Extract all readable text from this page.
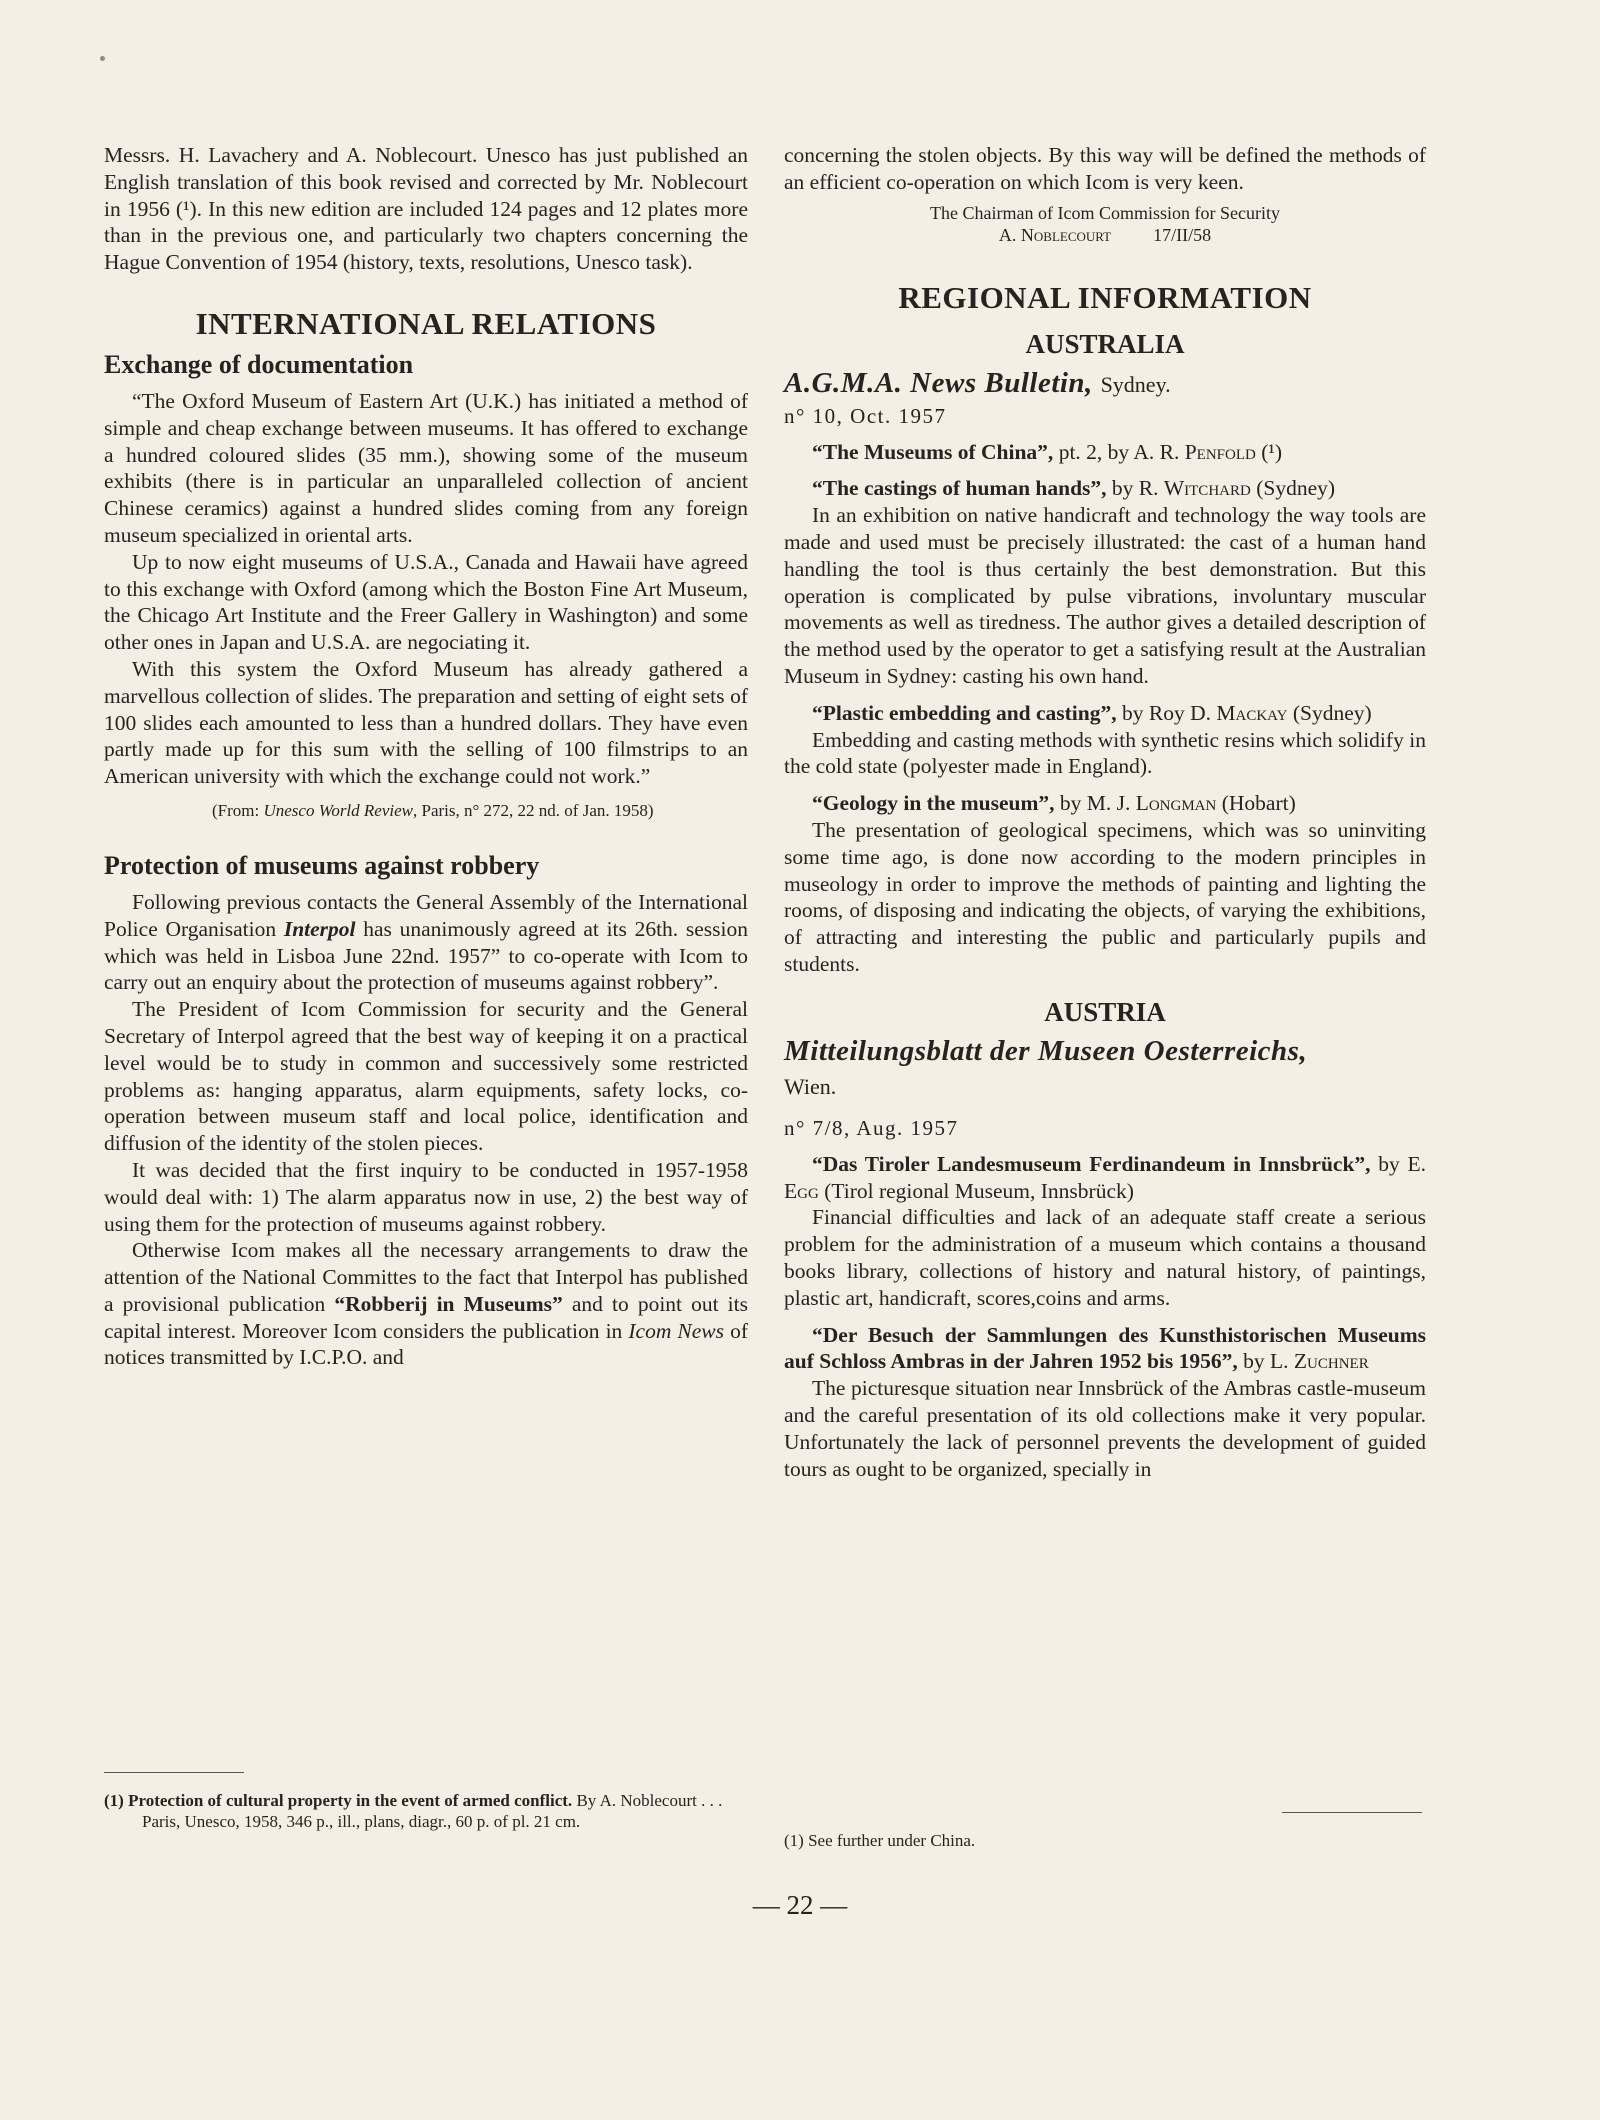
Messrs. H. Lavachery and A. Noblecourt. Unesco has just published an English translation of this book revised and corrected by Mr. Noblecourt in 1956 (¹). In this new edition are included 124 pages and 12 plates more than in the previous one, and particularly two chapters concerning the Hague Convention of 1954 (history, texts, resolutions, Unesco task).

INTERNATIONAL RELATIONS
Exchange of documentation

“The Oxford Museum of Eastern Art (U.K.) has initiated a method of simple and cheap exchange between museums. It has offered to exchange a hundred coloured slides (35 mm.), showing some of the museum exhibits (there is in particular an unparalleled collection of ancient Chinese ceramics) against a hundred slides coming from any foreign museum specialized in oriental arts.

Up to now eight museums of U.S.A., Canada and Hawaii have agreed to this exchange with Oxford (among which the Boston Fine Art Museum, the Chicago Art Institute and the Freer Gallery in Washington) and some other ones in Japan and U.S.A. are negociating it.

With this system the Oxford Museum has already gathered a marvellous collection of slides. The preparation and setting of eight sets of 100 slides each amounted to less than a hundred dollars. They have even partly made up for this sum with the selling of 100 filmstrips to an American university with which the exchange could not work.”

(From: Unesco World Review, Paris, n° 272, 22 nd. of Jan. 1958)

Protection of museums against robbery

Following previous contacts the General Assembly of the International Police Organisation Interpol has unanimously agreed at its 26th. session which was held in Lisboa June 22nd. 1957” to co-operate with Icom to carry out an enquiry about the protection of museums against robbery”.

The President of Icom Commission for security and the General Secretary of Interpol agreed that the best way of keeping it on a practical level would be to study in common and successively some restricted problems as: hanging apparatus, alarm equipments, safety locks, co-operation between museum staff and local police, identification and diffusion of the identity of the stolen pieces.

It was decided that the first inquiry to be conducted in 1957-1958 would deal with: 1) The alarm apparatus now in use, 2) the best way of using them for the protection of museums against robbery.

Otherwise Icom makes all the necessary arrangements to draw the attention of the National Committes to the fact that Interpol has published a provisional publication “Robberij in Museums” and to point out its capital interest. Moreover Icom considers the publication in Icom News of notices transmitted by I.C.P.O. and

(1) Protection of cultural property in the event of armed conflict. By A. Noblecourt . . . Paris, Unesco, 1958, 346 p., ill., plans, diagr., 60 p. of pl. 21 cm.

concerning the stolen objects. By this way will be defined the methods of an efficient co-operation on which Icom is very keen.

The Chairman of Icom Commission for Security
A. Noblecourt 17/II/58
REGIONAL INFORMATION
AUSTRALIA
A.G.M.A. News Bulletin, Sydney.
n° 10, Oct. 1957

“The Museums of China”, pt. 2, by A. R. Penfold (¹)

“The castings of human hands”, by R. Witchard (Sydney)

In an exhibition on native handicraft and technology the way tools are made and used must be precisely illustrated: the cast of a human hand handling the tool is thus certainly the best demonstration. But this operation is complicated by pulse vibrations, involuntary muscular movements as well as tiredness. The author gives a detailed description of the method used by the operator to get a satisfying result at the Australian Museum in Sydney: casting his own hand.

“Plastic embedding and casting”, by Roy D. Mackay (Sydney)

Embedding and casting methods with synthetic resins which solidify in the cold state (polyester made in England).

“Geology in the museum”, by M. J. Longman (Hobart)

The presentation of geological specimens, which was so uninviting some time ago, is done now according to the modern principles in museology in order to improve the methods of painting and lighting the rooms, of disposing and indicating the objects, of varying the exhibitions, of attracting and interesting the public and particularly pupils and students.

AUSTRIA
Mitteilungsblatt der Museen Oesterreichs,
Wien.
n° 7/8, Aug. 1957

“Das Tiroler Landesmuseum Ferdinandeum in Innsbrück”, by E. Egg (Tirol regional Museum, Innsbrück)

Financial difficulties and lack of an adequate staff create a serious problem for the administration of a museum which contains a thousand books library, collections of history and natural history, of paintings, plastic art, handicraft, scores,coins and arms.

“Der Besuch der Sammlungen des Kunsthistorischen Museums auf Schloss Ambras in der Jahren 1952 bis 1956”, by L. Zuchner

The picturesque situation near Innsbrück of the Ambras castle-museum and the careful presentation of its old collections make it very popular. Unfortunately the lack of personnel prevents the development of guided tours as ought to be organized, specially in

(1) See further under China.
— 22 —
